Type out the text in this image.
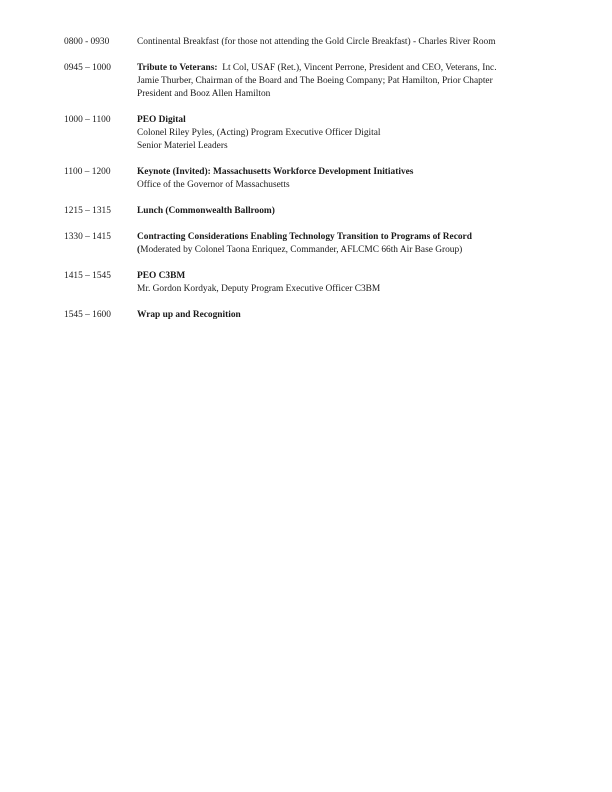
0800 - 0930	Continental Breakfast (for those not attending the Gold Circle Breakfast) - Charles River Room
0945 – 1000	Tribute to Veterans:  Lt Col, USAF (Ret.), Vincent Perrone, President and CEO, Veterans, Inc.
Jamie Thurber, Chairman of the Board and The Boeing Company; Pat Hamilton, Prior Chapter
President and Booz Allen Hamilton
1000 – 1100	PEO Digital
Colonel Riley Pyles, (Acting) Program Executive Officer Digital
Senior Materiel Leaders
1100 – 1200	Keynote (Invited): Massachusetts Workforce Development Initiatives
Office of the Governor of Massachusetts
1215 – 1315	Lunch (Commonwealth Ballroom)
1330 – 1415	Contracting Considerations Enabling Technology Transition to Programs of Record
(Moderated by Colonel Taona Enriquez, Commander, AFLCMC 66th Air Base Group)
1415 – 1545	PEO C3BM
Mr. Gordon Kordyak, Deputy Program Executive Officer C3BM
1545 – 1600	Wrap up and Recognition
